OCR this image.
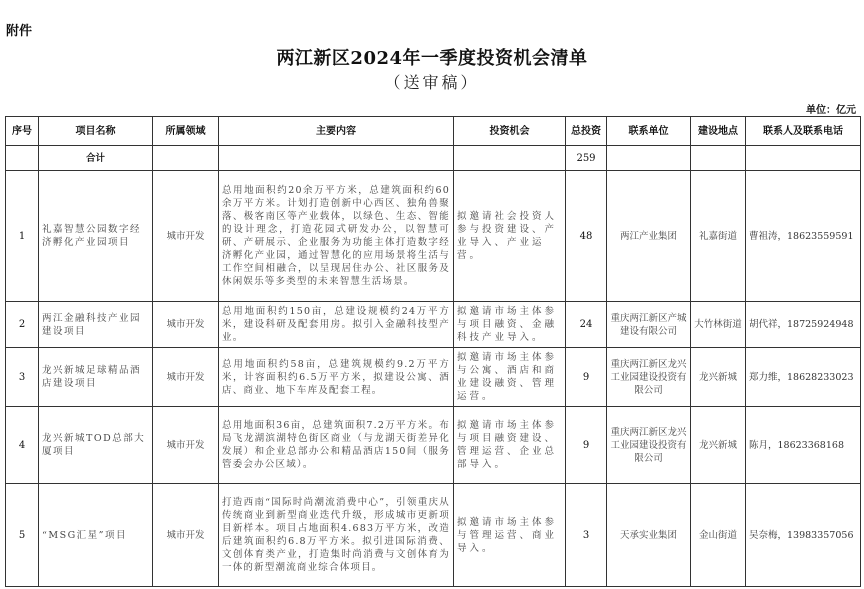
附件
两江新区2024年一季度投资机会清单
（送审稿）
单位：亿元
序号	项目名称	所属领域	主要内容	投资机会	总投资	联系单位	建设地点	联系人及联系电话
	合计				259			
1	礼嘉智慧公园数字经济孵化产业园项目	城市开发	总用地面积约20余万平方米，总建筑面积约60余万平方米。计划打造创新中心西区、独角兽聚落、极客南区等产业载体，以绿色、生态、智能的设计理念，打造花园式研发办公，以智慧可研、产研展示、企业服务为功能主体打造数字经济孵化产业园，通过智慧化的应用场景将生活与工作空间相融合，以呈现居住办公、社区服务及休闲娱乐等多类型的未来智慧生活场景。	拟邀请社会投资人参与投资建设、产业导入、产业运营。	48	两江产业集团	礼嘉街道	曹祖涛，18623559591
2	两江金融科技产业园建设项目	城市开发	总用地面积约150亩，总建设规模约24万平方米，建设科研及配套用房。拟引入金融科技型产业。	拟邀请市场主体参与项目融资、金融科技产业导入。	24	重庆两江新区产城建设有限公司	大竹林街道	胡代祥，18725924948
3	龙兴新城足球精品酒店建设项目	城市开发	总用地面积约58亩，总建筑规模约9.2万平方米，计容面积约6.5万平方米，拟建设公寓、酒店、商业、地下车库及配套工程。	拟邀请市场主体参与公寓、酒店和商业建设融资、管理运营。	9	重庆两江新区龙兴工业园建设投资有限公司	龙兴新城	郑力维，18628233023
4	龙兴新城TOD总部大厦项目	城市开发	总用地面积36亩，总建筑面积7.2万平方米。布局飞龙湖滨湖特色街区商业（与龙湖天街差异化发展）和企业总部办公和精品酒店150间（服务管委会办公区域）。	拟邀请市场主体参与项目融资建设、管理运营、企业总部导入。	9	重庆两江新区龙兴工业园建设投资有限公司	龙兴新城	陈月，18623368168
5	“MSG汇星”项目	城市开发	打造西南“国际时尚潮流消费中心”，引领重庆从传统商业到新型商业迭代升级，形成城市更新项目新样本。项目占地面积4.683万平方米，改造后建筑面积约6.8万平方米。拟引进国际消费、文创体育类产业，打造集时尚消费与文创体育为一体的新型潮流商业综合体项目。	拟邀请市场主体参与管理运营、商业导入。	3	天承实业集团	金山街道	吴奈梅，13983357056
